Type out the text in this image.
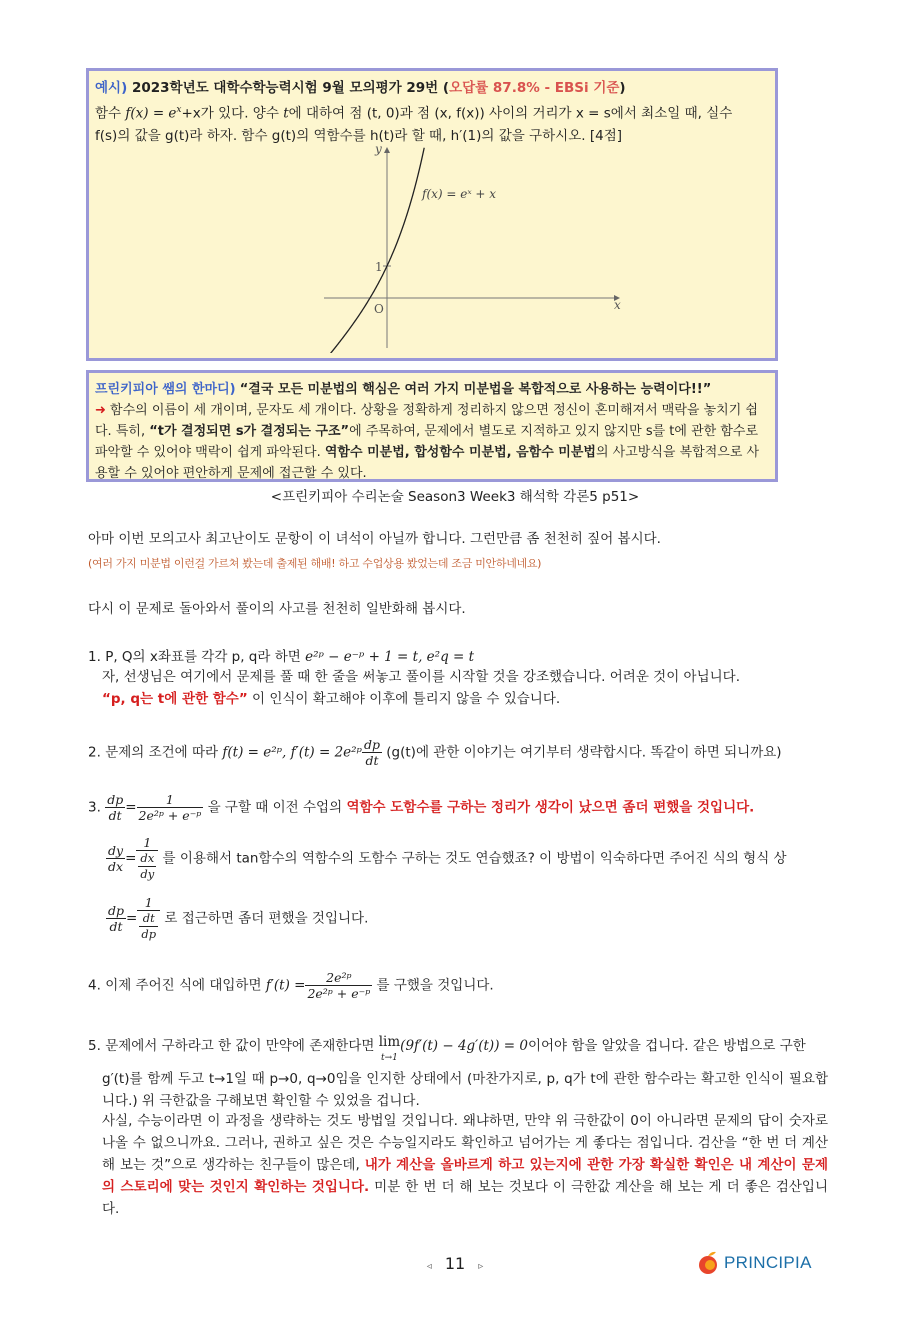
예시) 2023학년도 대학수학능력시험 9월 모의평가 29번 (오답률 87.8% - EBSi 기준)
함수 $f(x) = e^x+x$가 있다. 양수 t에 대하여 점 (t, 0)과 점 (x, f(x)) 사이의 거리가 x = s에서 최소일 때, 실수
f(s)의 값을 g(t)라 하자. 함수 g(t)의 역함수를 h(t)라 할 때, h′(1)의 값을 구하시오. [4점]
y
x
O
1
f(x) = eˣ + x
프린키피아 쌤의 한마디) “결국 모든 미분법의 핵심은 여러 가지 미분법을 복합적으로 사용하는 능력이다!!”
➜ 함수의 이름이 세 개이며, 문자도 세 개이다. 상황을 정확하게 정리하지 않으면 정신이 혼미해져서 맥락을 놓치기 쉽다. 특히, “t가 결정되면 s가 결정되는 구조”에 주목하여, 문제에서 별도로 지적하고 있지 않지만 s를 t에 관한 함수로 파악할 수 있어야 맥락이 쉽게 파악된다. 역함수 미분법, 합성함수 미분법, 음함수 미분법의 사고방식을 복합적으로 사용할 수 있어야 편안하게 문제에 접근할 수 있다.
<프린키피아 수리논술 Season3 Week3 해석학 각론5 p51>
아마 이번 모의고사 최고난이도 문항이 이 녀석이 아닐까 합니다. 그런만큼 좀 천천히 짚어 봅시다.
(여러 가지 미분법 이런걸 가르쳐 봤는데 출제된 해배! 하고 수업상용 봤었는데 조금 미안하네네요)
다시 이 문제로 돌아와서 풀이의 사고를 천천히 일반화해 봅시다.
1. P, Q의 x좌표를 각각 p, q라 하면 e²ᵖ − e⁻ᵖ + 1 = t, e²q = t
자, 선생님은 여기에서 문제를 풀 때 한 줄을 써놓고 풀이를 시작할 것을 강조했습니다. 어려운 것이 아닙니다.
“p, q는 t에 관한 함수” 이 인식이 확고해야 이후에 틀리지 않을 수 있습니다.
2. 문제의 조건에 따라 f(t) = e²ᵖ, f′(t) = 2e²ᵖ $\frac{dp}{dt} (g(t)$에 관한 이야기는 여기부터 생략합시다. 똑같이 하면 되니까요)
3. $\frac{dp}{dt} = \frac{1}{\text{2e²ᵖ + e⁻ᵖ}}$ 을 구할 때 이전 수업의 역함수 도함수를 구하는 정리가 생각이 났으면 좀더 편했을 것입니다.
$\frac{dy}{dx} = \frac{1}{\frac{dx}{dy}}$ 를 이용해서 tan함수의 역함수의 도함수 구하는 것도 연습했죠? 이 방법이 익숙하다면 주어진 식의 형식 상
$\frac{dp}{dt} = \frac{1}{\frac{dt}{dp}}$ 로 접근하면 좀더 편했을 것입니다.
4. 이제 주어진 식에 대입하면 $f'(t) = \frac{\text{2e²ᵖ}}{\text{2e²ᵖ + e⁻ᵖ}}$ 를 구했을 것입니다.
5. 문제에서 구하라고 한 값이 만약에 존재한다면 lim
t→1(9f′(t) − 4g′(t)) = 0이어야 함을 알았을 겁니다. 같은 방법으로 구한
g′(t)를 함께 두고 t→1일 때 p→0, q→0임을 인지한 상태에서 (마찬가지로, p, q가 t에 관한 함수라는 확고한 인식이 필요합니다.) 위 극한값을 구해보면 확인할 수 있었을 겁니다.
사실, 수능이라면 이 과정을 생략하는 것도 방법일 것입니다. 왜냐하면, 만약 위 극한값이 0이 아니라면 문제의 답이 숫자로 나올 수 없으니까요. 그러나, 권하고 싶은 것은 수능일지라도 확인하고 넘어가는 게 좋다는 점입니다. 검산을 “한 번 더 계산해 보는 것”으로 생각하는 친구들이 많은데, 내가 계산을 올바르게 하고 있는지에 관한 가장 확실한 확인은 내 계산이 문제의 스토리에 맞는 것인지 확인하는 것입니다. 미분 한 번 더 해 보는 것보다 이 극한값 계산을 해 보는 게 더 좋은 검산입니다.
◃ 11 ▹	PRINCIPIA
